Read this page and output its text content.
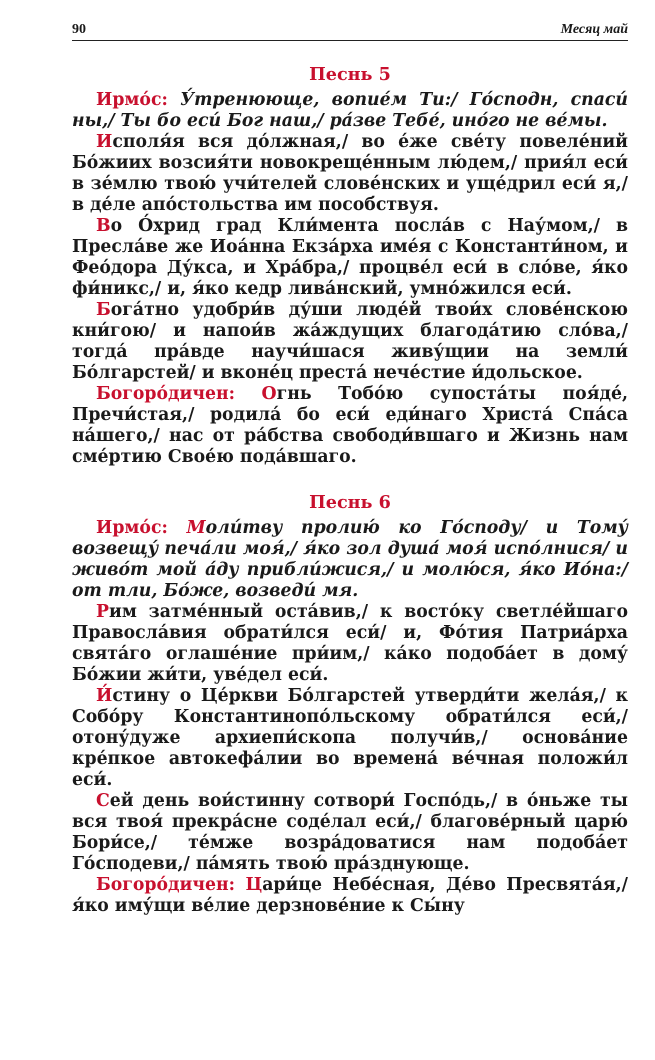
90	Месяц май
Песнь 5

Ирмо́с: У́тренююще, вопие́м Ти:/ Го́сподн, спаси́ ны,/ Ты бо еси́ Бог наш,/ ра́зве Тебе́, ино́го не ве́мы.

Исполя́я вся до́лжная,/ во е́же све́ту повеле́ний Бо́жиих возсия́ти новокреще́нным лю́дем,/ прия́л еси́ в зе́млю твою́ учи́телей слове́нских и уще́дрил еси́ я,/ в де́ле апо́стольства им пособ́ствуя.

Во О́хрид град Кли́мента посла́в с Нау́мом,/ в Пресла́ве же Иоа́нна Екза́рха име́я с Константи́ном, и Фео́дора Ду́кса, и Хра́бра,/ процве́л еси́ в сло́ве, я́ко фи́никс,/ и, я́ко кедр лива́нский, умно́жился еси́.

Бога́тно удобри́в ду́ши люде́й твои́х слове́нскою кни́гою/ и напои́в жа́ждущих благода́тию сло́ва,/ тогда́ пра́вде научи́шася живу́щии на земли́ Бо́лгарстей/ и вконе́ц преста́ нече́стие и́дольское.

Богоро́дичен: Огнь Тобо́ю супоста́ты поя́де́, Пречи́стая,/ родила́ бо еси́ еди́наго Христа́ Спа́са на́шего,/ нас от ра́бства свободи́вшаго и Жизнь нам сме́ртию Свое́ю пода́вшаго.

Песнь 6

Ирмо́с: Моли́тву пролию́ ко Го́споду/ и Тому́ возвещу́ печа́ли моя́,/ я́ко зол душа́ моя́ испо́лнися/ и живо́т мой а́ду прибли́жися,/ и молю́ся, я́ко Ио́на:/ от тли, Бо́же, возведи́ мя.

Рим затме́нный оста́вив,/ к восто́ку светле́йшаго Правосла́вия обрати́лся еси́/ и, Фо́тия Патриа́рха свята́го оглаше́ние при́им,/ ка́ко подоба́ет в дому́ Бо́жии жи́ти, уве́дел еси́.

И́стину о Це́ркви Бо́лгарстей утверди́ти жела́я,/ к Собо́ру Константинопо́льскому обрати́лся еси́,/ отону́дуже архиепи́скопа получи́в,/ основа́ние кре́пкое автокефа́лии во времена́ ве́чная положи́л еси́.

Сей день вои́стинну сотвори́ Госпо́дь,/ в о́ньже ты вся твоя́ прекра́сне соде́лал еси́,/ благове́рный царю́ Бори́се,/ те́мже возра́доватися нам подоба́ет Го́сподеви,/ па́мять твою́ пра́зднующе.

Богоро́дичен: Цари́це Небе́сная, Де́во Пресвята́я,/ я́ко иму́щи ве́лие дерзнове́ние к Сы́ну
